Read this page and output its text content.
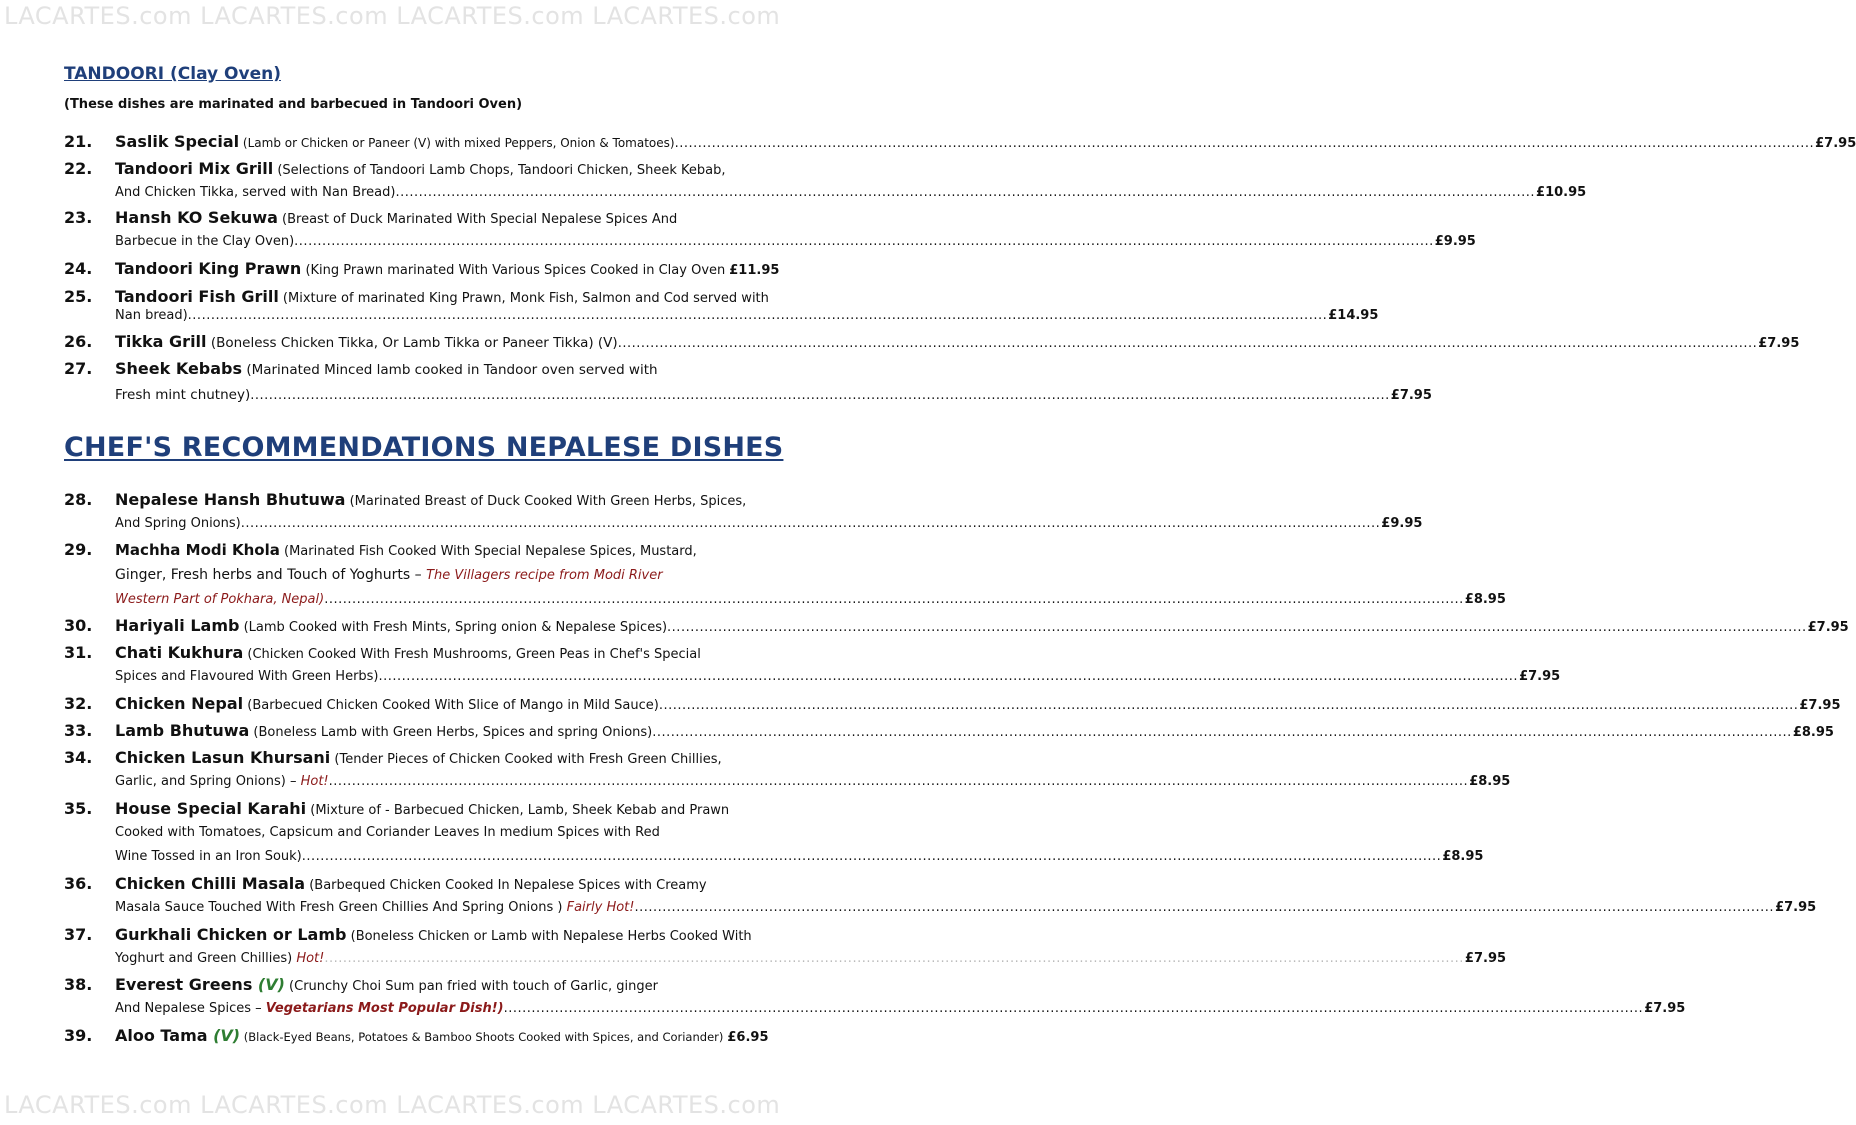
LACARTES.com LACARTES.com LACARTES.com LACARTES.com
TANDOORI (Clay Oven)
(These dishes are marinated and barbecued in Tandoori Oven)
21. Saslik Special (Lamb or Chicken or Paneer (V) with mixed Peppers, Onion & Tomatoes) .....	£7.95
22. Tandoori Mix Grill (Selections of Tandoori Lamb Chops, Tandoori Chicken, Sheek Kebab,
And Chicken Tikka, served with Nan Bread) .....	£10.95
23. Hansh KO Sekuwa (Breast of Duck Marinated With Special Nepalese Spices And
Barbecue in the Clay Oven) .....	£9.95
24. Tandoori King Prawn (King Prawn marinated With Various Spices Cooked in Clay Oven £11.95
25. Tandoori Fish Grill (Mixture of marinated King Prawn, Monk Fish, Salmon and Cod served with
Nan bread) .....	£14.95
26. Tikka Grill (Boneless Chicken Tikka, Or Lamb Tikka or Paneer Tikka) (V) .....	£7.95
27. Sheek Kebabs (Marinated Minced lamb cooked in Tandoor oven served with
Fresh mint chutney) .....	£7.95
CHEF'S RECOMMENDATIONS NEPALESE DISHES
28. Nepalese Hansh Bhutuwa (Marinated Breast of Duck Cooked With Green Herbs, Spices,
And Spring Onions) .....	£9.95
29. Machha Modi Khola (Marinated Fish Cooked With Special Nepalese Spices, Mustard,
Ginger, Fresh herbs and Touch of Yoghurts – The Villagers recipe from Modi River
Western Part of Pokhara, Nepal) .....	£8.95
30. Hariyali Lamb (Lamb Cooked with Fresh Mints, Spring onion & Nepalese Spices) .....	£7.95
31. Chati Kukhura (Chicken Cooked With Fresh Mushrooms, Green Peas in Chef's Special
Spices and Flavoured With Green Herbs) .....	£7.95
32. Chicken Nepal (Barbecued Chicken Cooked With Slice of Mango in Mild Sauce) .....	£7.95
33. Lamb Bhutuwa (Boneless Lamb with Green Herbs, Spices and spring Onions) .....	£8.95
34. Chicken Lasun Khursani (Tender Pieces of Chicken Cooked with Fresh Green Chillies,
Garlic, and Spring Onions) – Hot! .....	£8.95
35. House Special Karahi (Mixture of - Barbecued Chicken, Lamb, Sheek Kebab and Prawn
Cooked with Tomatoes, Capsicum and Coriander Leaves In medium Spices with Red
Wine Tossed in an Iron Souk) .....	£8.95
36. Chicken Chilli Masala (Barbequed Chicken Cooked In Nepalese Spices with Creamy
Masala Sauce Touched With Fresh Green Chillies And Spring Onions ) Fairly Hot! .....	£7.95
37. Gurkhali Chicken or Lamb (Boneless Chicken or Lamb with Nepalese Herbs Cooked With
Yoghurt and Green Chillies) Hot! .....	£7.95
38. Everest Greens (V) (Crunchy Choi Sum pan fried with touch of Garlic, ginger
And Nepalese Spices – Vegetarians Most Popular Dish!) .....	£7.95
39. Aloo Tama (V) (Black-Eyed Beans, Potatoes & Bamboo Shoots Cooked with Spices, and Coriander) £6.95
LACARTES.com LACARTES.com LACARTES.com LACARTES.com
